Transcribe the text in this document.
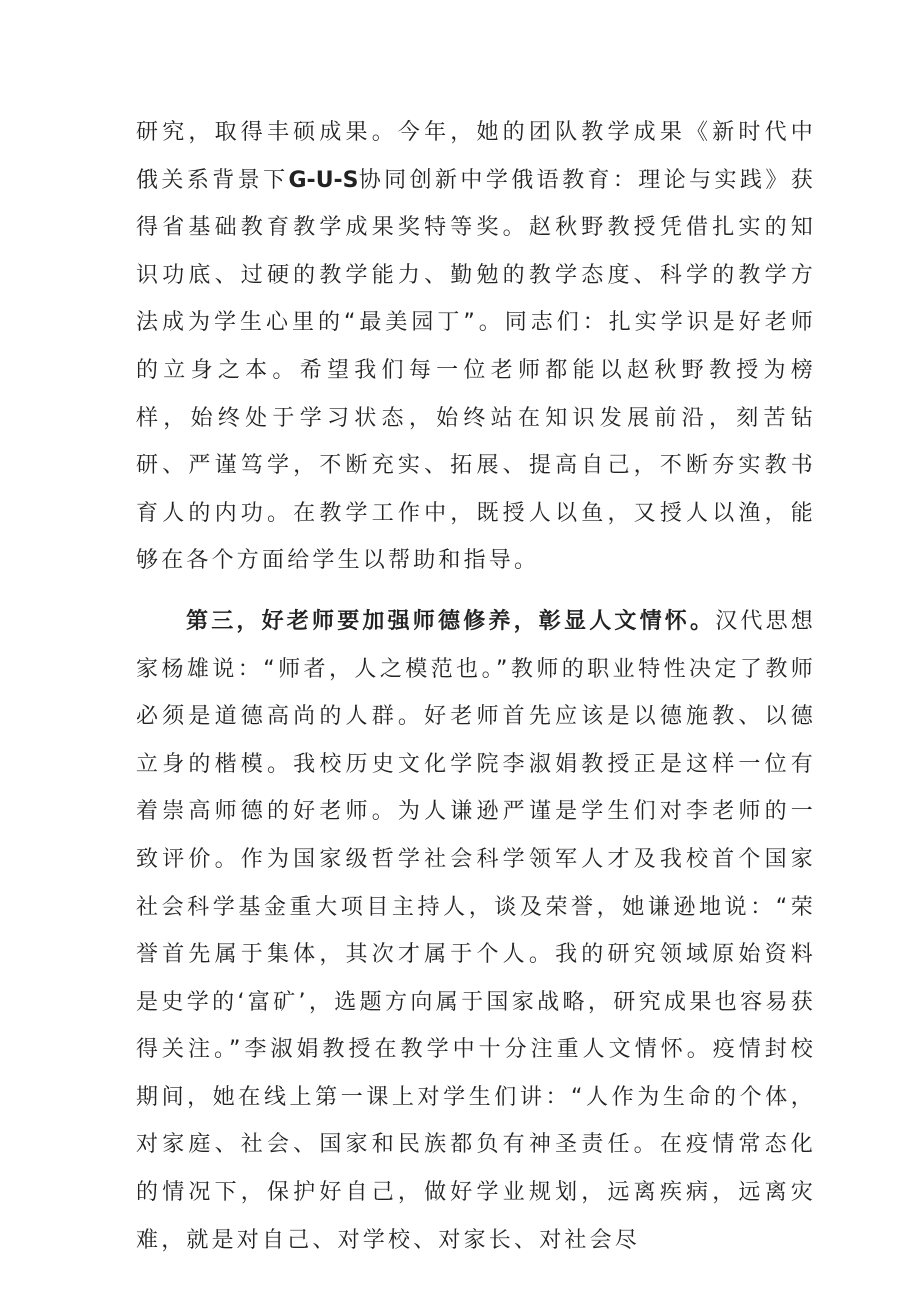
研究，取得丰硕成果。今年，她的团队教学成果《新时代中俄关系背景下G-U-S协同创新中学俄语教育：理论与实践》获得省基础教育教学成果奖特等奖。赵秋野教授凭借扎实的知识功底、过硬的教学能力、勤勉的教学态度、科学的教学方法成为学生心里的“最美园丁”。同志们：扎实学识是好老师的立身之本。希望我们每一位老师都能以赵秋野教授为榜样，始终处于学习状态，始终站在知识发展前沿，刻苦钻研、严谨笃学，不断充实、拓展、提高自己，不断夯实教书育人的内功。在教学工作中，既授人以鱼，又授人以渔，能够在各个方面给学生以帮助和指导。

第三，好老师要加强师德修养，彰显人文情怀。汉代思想家杨雄说：“师者，人之模范也。”教师的职业特性决定了教师必须是道德高尚的人群。好老师首先应该是以德施教、以德立身的楷模。我校历史文化学院李淑娟教授正是这样一位有着崇高师德的好老师。为人谦逊严谨是学生们对李老师的一致评价。作为国家级哲学社会科学领军人才及我校首个国家社会科学基金重大项目主持人，谈及荣誉，她谦逊地说：“荣誉首先属于集体，其次才属于个人。我的研究领域原始资料是史学的‘富矿’，选题方向属于国家战略，研究成果也容易获得关注。”李淑娟教授在教学中十分注重人文情怀。疫情封校期间，她在线上第一课上对学生们讲：“人作为生命的个体，对家庭、社会、国家和民族都负有神圣责任。在疫情常态化的情况下，保护好自己，做好学业规划，远离疾病，远离灾难，就是对自己、对学校、对家长、对社会尽
